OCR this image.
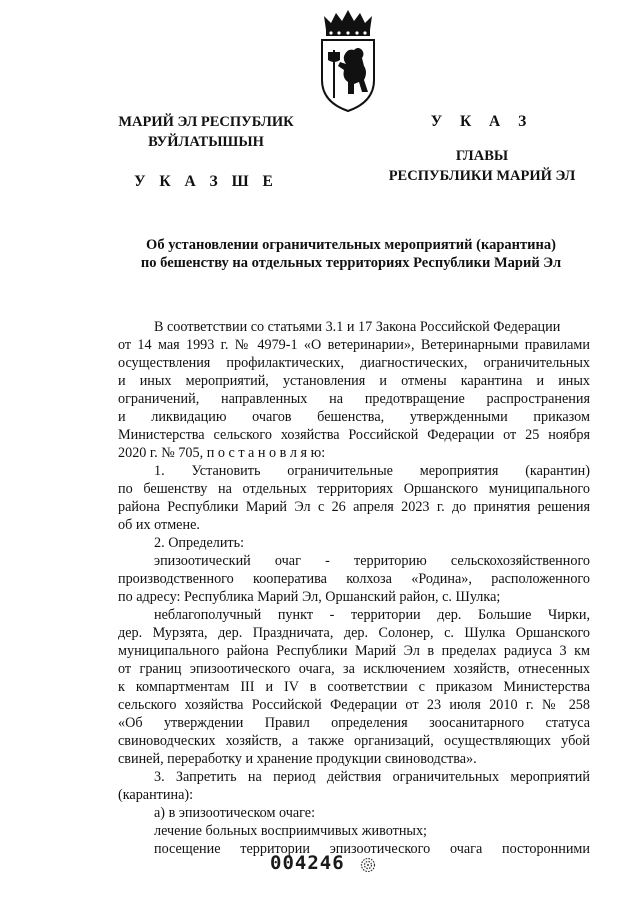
МАРИЙ ЭЛ РЕСПУБЛИК
ВУЙЛАТЫШЫН
У К А З Ш Е
У К А З
ГЛАВЫ
РЕСПУБЛИКИ МАРИЙ ЭЛ
Об установлении ограничительных мероприятий (карантина)
по бешенству на отдельных территориях Республики Марий Эл
В соответствии со статьями 3.1 и 17 Закона Российской Федерации
от 14 мая 1993 г. № 4979-1 «О ветеринарии», Ветеринарными правилами
осуществления профилактических, диагностических, ограничительных
и иных мероприятий, установления и отмены карантина и иных
ограничений, направленных на предотвращение распространения
и ликвидацию очагов бешенства, утвержденными приказом
Министерства сельского хозяйства Российской Федерации от 25 ноября
2020 г. № 705, п о с т а н о в л я ю:
1. Установить ограничительные мероприятия (карантин)
по бешенству на отдельных территориях Оршанского муниципального
района Республики Марий Эл с 26 апреля 2023 г. до принятия решения
об их отмене.
2. Определить:
эпизоотический очаг - территорию сельскохозяйственного
производственного кооператива колхоза «Родина», расположенного
по адресу: Республика Марий Эл, Оршанский район, с. Шулка;
неблагополучный пункт - территории дер. Большие Чирки,
дер. Мурзята, дер. Праздничата, дер. Солонер, с. Шулка Оршанского
муниципального района Республики Марий Эл в пределах радиуса 3 км
от границ эпизоотического очага, за исключением хозяйств, отнесенных
к компартментам III и IV в соответствии с приказом Министерства
сельского хозяйства Российской Федерации от 23 июля 2010 г. № 258
«Об утверждении Правил определения зоосанитарного статуса
свиноводческих хозяйств, а также организаций, осуществляющих убой
свиней, переработку и хранение продукции свиноводства».
3. Запретить на период действия ограничительных мероприятий
(карантина):
а) в эпизоотическом очаге:
лечение больных восприимчивых животных;
посещение территории эпизоотического очага посторонними
004246
